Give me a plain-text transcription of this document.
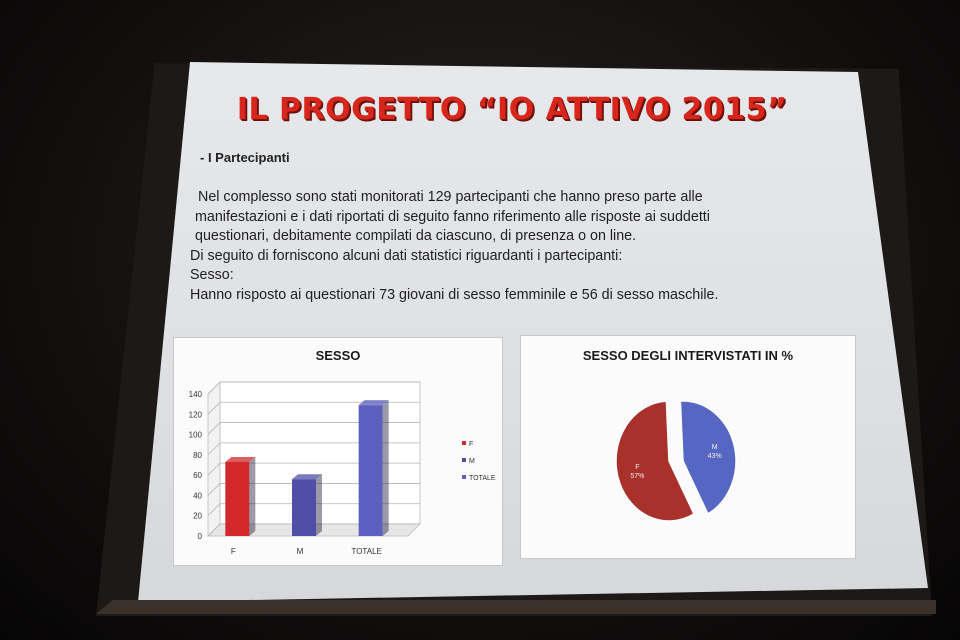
IL PROGETTO “IO ATTIVO 2015”
- I Partecipanti
Nel complesso sono stati monitorati 129 partecipanti che hanno preso parte alle
manifestazioni e i dati riportati di seguito fanno riferimento alle risposte ai suddetti
questionari, debitamente compilati da ciascuno, di presenza o on line.
Di seguito di forniscono alcuni dati statistici riguardanti i partecipanti:
Sesso:
Hanno risposto ai questionari 73 giovani di sesso femminile e 56 di sesso maschile.
SESSO
0
20
40
60
80
100
120
140
F	M	TOTALE
F
M
TOTALE
SESSO DEGLI INTERVISTATI IN %
M
43%
F
57%
